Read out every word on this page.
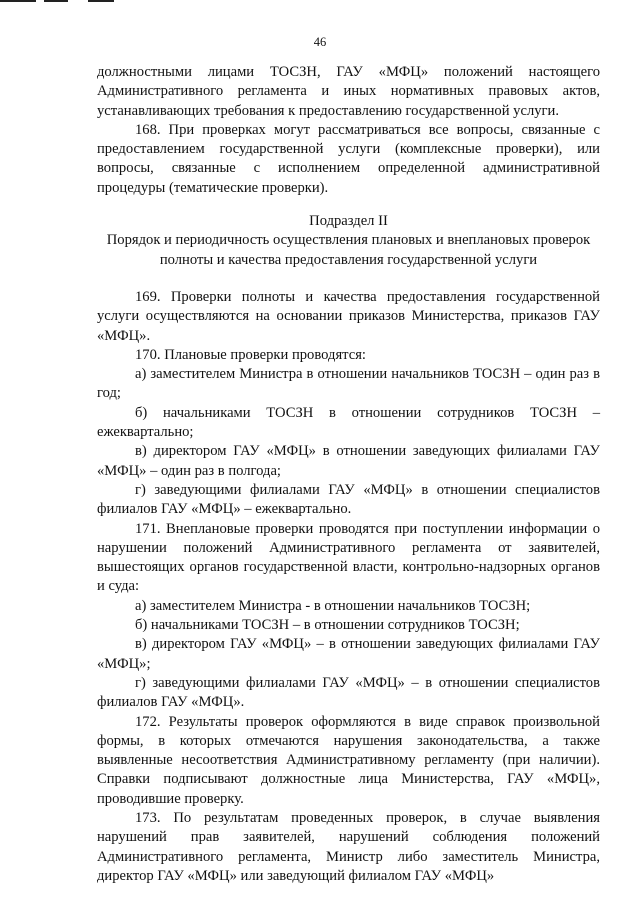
46

должностными лицами ТОСЗН, ГАУ «МФЦ» положений настоящего Административного регламента и иных нормативных правовых актов, устанавливающих требования к предоставлению государственной услуги.

168. При проверках могут рассматриваться все вопросы, связанные с предоставлением государственной услуги (комплексные проверки), или вопросы, связанные с исполнением определенной административной процедуры (тематические проверки).

Подраздел II
Порядок и периодичность осуществления плановых и внеплановых проверок полноты и качества предоставления государственной услуги

169. Проверки полноты и качества предоставления государственной услуги осуществляются на основании приказов Министерства, приказов ГАУ «МФЦ».

170. Плановые проверки проводятся:

а) заместителем Министра в отношении начальников ТОСЗН – один раз в год;

б) начальниками ТОСЗН в отношении сотрудников ТОСЗН – ежеквартально;

в) директором ГАУ «МФЦ» в отношении заведующих филиалами ГАУ «МФЦ» – один раз в полгода;

г) заведующими филиалами ГАУ «МФЦ» в отношении специалистов филиалов ГАУ «МФЦ» – ежеквартально.

171. Внеплановые проверки проводятся при поступлении информации о нарушении положений Административного регламента от заявителей, вышестоящих органов государственной власти, контрольно-надзорных органов и суда:

а) заместителем Министра - в отношении начальников ТОСЗН;

б) начальниками ТОСЗН – в отношении сотрудников ТОСЗН;

в) директором ГАУ «МФЦ» – в отношении заведующих филиалами ГАУ «МФЦ»;

г) заведующими филиалами ГАУ «МФЦ» – в отношении специалистов филиалов ГАУ «МФЦ».

172. Результаты проверок оформляются в виде справок произвольной формы, в которых отмечаются нарушения законодательства, а также выявленные несоответствия Административному регламенту (при наличии). Справки подписывают должностные лица Министерства, ГАУ «МФЦ», проводившие проверку.

173. По результатам проведенных проверок, в случае выявления нарушений прав заявителей, нарушений соблюдения положений Административного регламента, Министр либо заместитель Министра, директор ГАУ «МФЦ» или заведующий филиалом ГАУ «МФЦ»
